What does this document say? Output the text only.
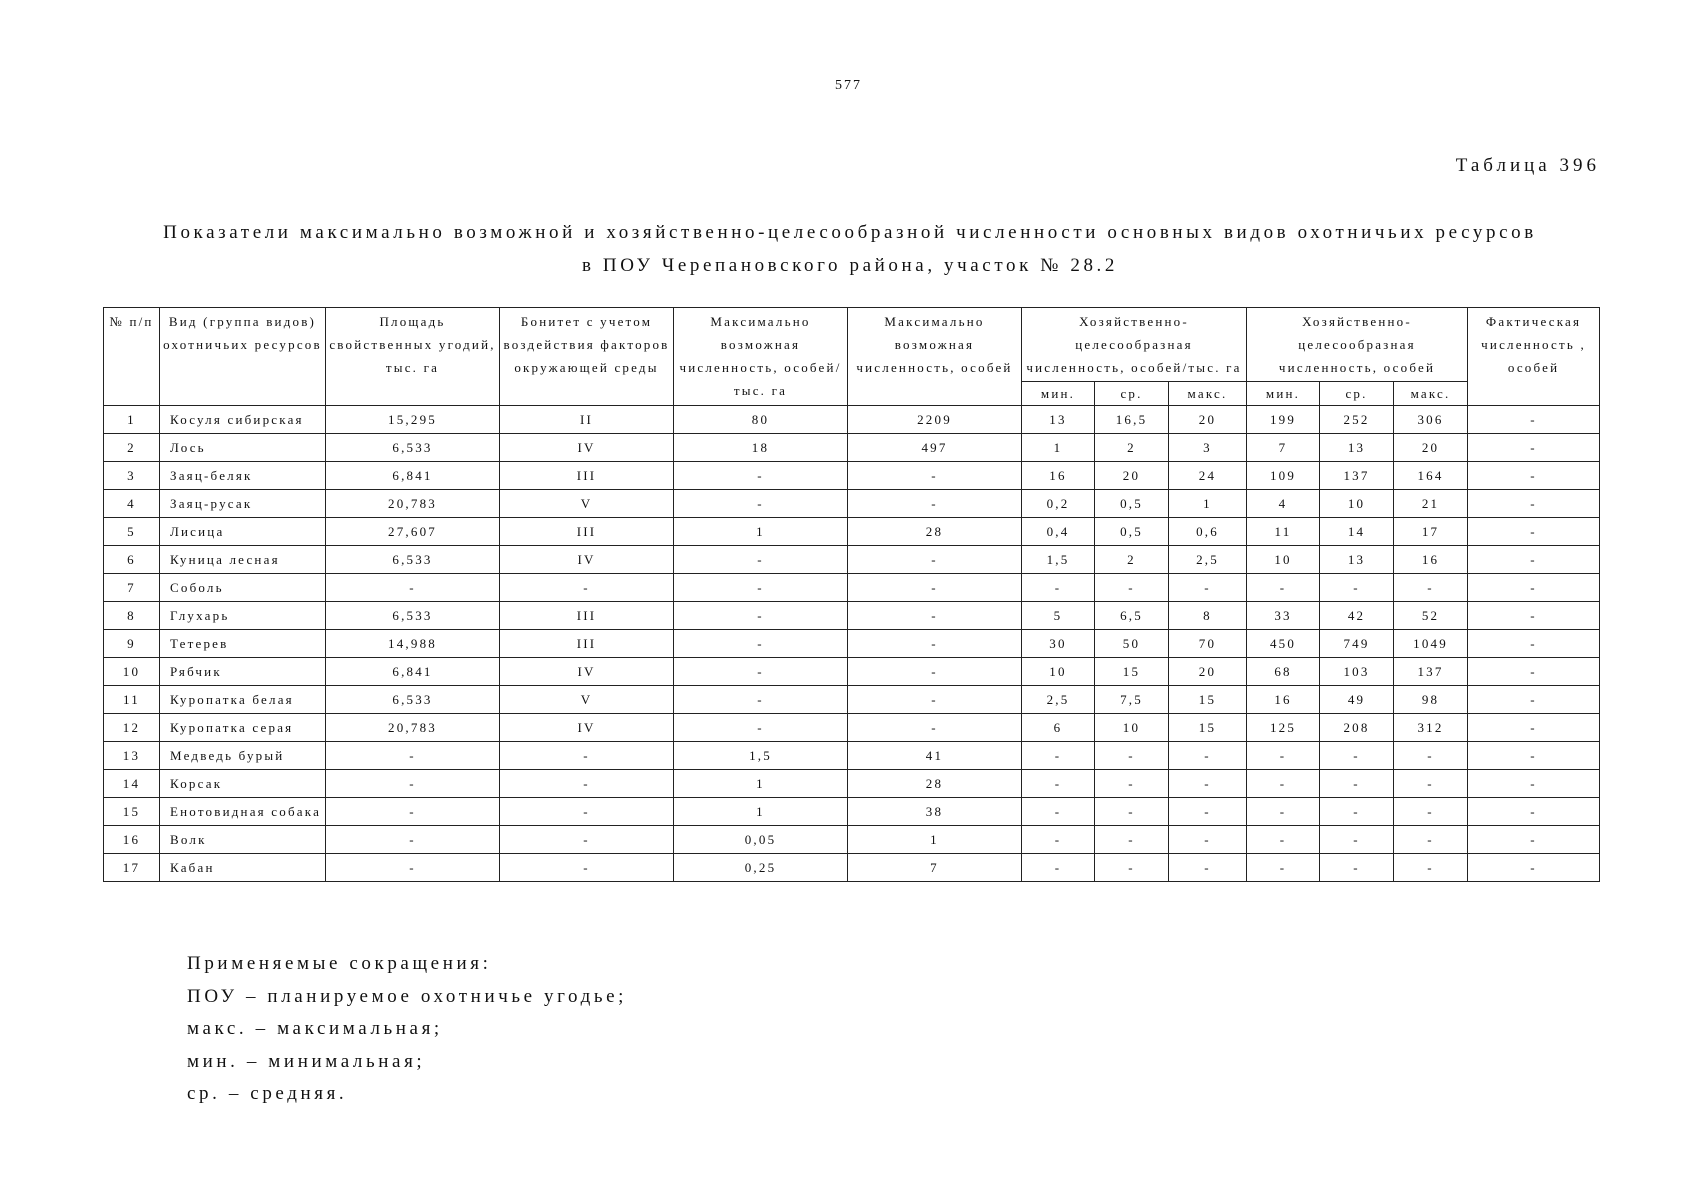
577
Таблица 396
Показатели максимально возможной и хозяйственно-целесообразной численности основных видов охотничьих ресурсов
в ПОУ Черепановского района, участок № 28.2
№ п/п	Вид (группа видов) охотничьих ресурсов	Площадь свойственных угодий, тыс. га	Бонитет с учетом воздействия факторов окружающей среды	Максимально возможная численность, особей/тыс. га	Максимально возможная численность, особей	Хозяйственно-целесообразная численность, особей/тыс. га			Хозяйственно-целесообразная численность, особей			Фактическая численность , особей
						мин.	ср.	макс.	мин.	ср.	макс.	
1	Косуля сибирская	15,295	II	80	2209	13	16,5	20	199	252	306	-
2	Лось	6,533	IV	18	497	1	2	3	7	13	20	-
3	Заяц-беляк	6,841	III	-	-	16	20	24	109	137	164	-
4	Заяц-русак	20,783	V	-	-	0,2	0,5	1	4	10	21	-
5	Лисица	27,607	III	1	28	0,4	0,5	0,6	11	14	17	-
6	Куница лесная	6,533	IV	-	-	1,5	2	2,5	10	13	16	-
7	Соболь	-	-	-	-	-	-	-	-	-	-	-
8	Глухарь	6,533	III	-	-	5	6,5	8	33	42	52	-
9	Тетерев	14,988	III	-	-	30	50	70	450	749	1049	-
10	Рябчик	6,841	IV	-	-	10	15	20	68	103	137	-
11	Куропатка белая	6,533	V	-	-	2,5	7,5	15	16	49	98	-
12	Куропатка серая	20,783	IV	-	-	6	10	15	125	208	312	-
13	Медведь бурый	-	-	1,5	41	-	-	-	-	-	-	-
14	Корсак	-	-	1	28	-	-	-	-	-	-	-
15	Енотовидная собака	-	-	1	38	-	-	-	-	-	-	-
16	Волк	-	-	0,05	1	-	-	-	-	-	-	-
17	Кабан	-	-	0,25	7	-	-	-	-	-	-	-
Применяемые сокращения:
ПОУ – планируемое охотничье угодье;
макс. – максимальная;
мин. – минимальная;
ср. – средняя.
